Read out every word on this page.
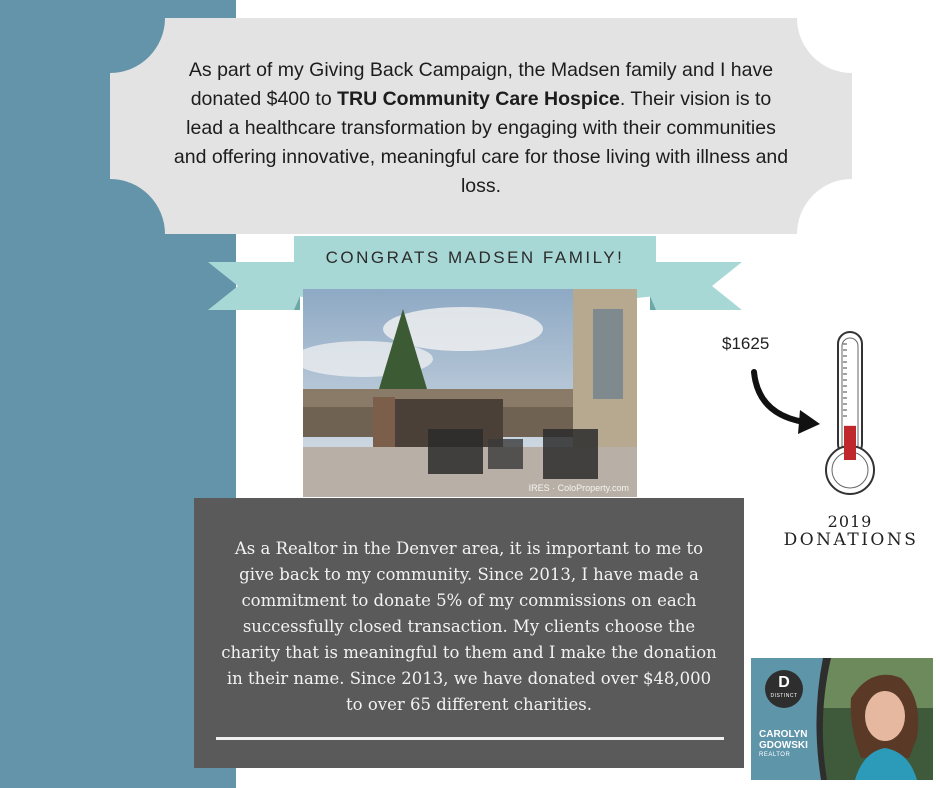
As part of my Giving Back Campaign, the Madsen family and I have donated $400 to TRU Community Care Hospice. Their vision is to lead a healthcare transformation by engaging with their communities and offering innovative, meaningful care for those living with illness and loss.
CONGRATS MADSEN FAMILY!
IRES · ColoProperty.com
As a Realtor in the Denver area, it is important to me to give back to my community. Since 2013, I have made a commitment to donate 5% of my commissions on each successfully closed transaction. My clients choose the charity that is meaningful to them and I make the donation in their name. Since 2013, we have donated over $48,000 to over 65 different charities.
$1625
2019
DONATIONS
D
DISTINCT
CAROLYN
GDOWSKI
REALTOR
